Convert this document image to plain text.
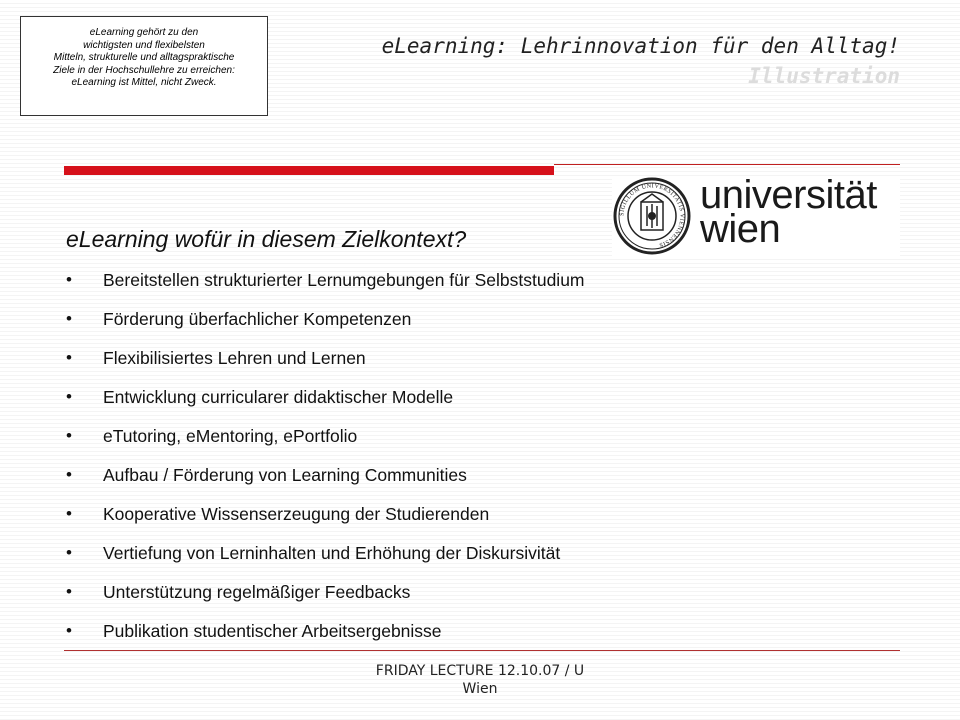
eLearning gehört zu den
wichtigsten und flexibelsten
Mitteln, strukturelle und alltagspraktische
Ziele in der Hochschullehre zu erreichen:
eLearning ist Mittel, nicht Zweck.
eLearning: Lehrinnovation für den Alltag!
Illustration
SIGILLUM UNIVERSITATIS VIENNENSIS
universität
wien
eLearning wofür in diesem Zielkontext?
• Bereitstellen strukturierter Lernumgebungen für Selbststudium
• Förderung überfachlicher Kompetenzen
• Flexibilisiertes Lehren und Lernen
• Entwicklung curricularer didaktischer Modelle
• eTutoring, eMentoring, ePortfolio
• Aufbau / Förderung von Learning Communities
• Kooperative Wissenserzeugung der Studierenden
• Vertiefung von Lerninhalten und Erhöhung der Diskursivität
• Unterstützung regelmäßiger Feedbacks
• Publikation studentischer Arbeitsergebnisse
FRIDAY LECTURE 12.10.07 / U
Wien
